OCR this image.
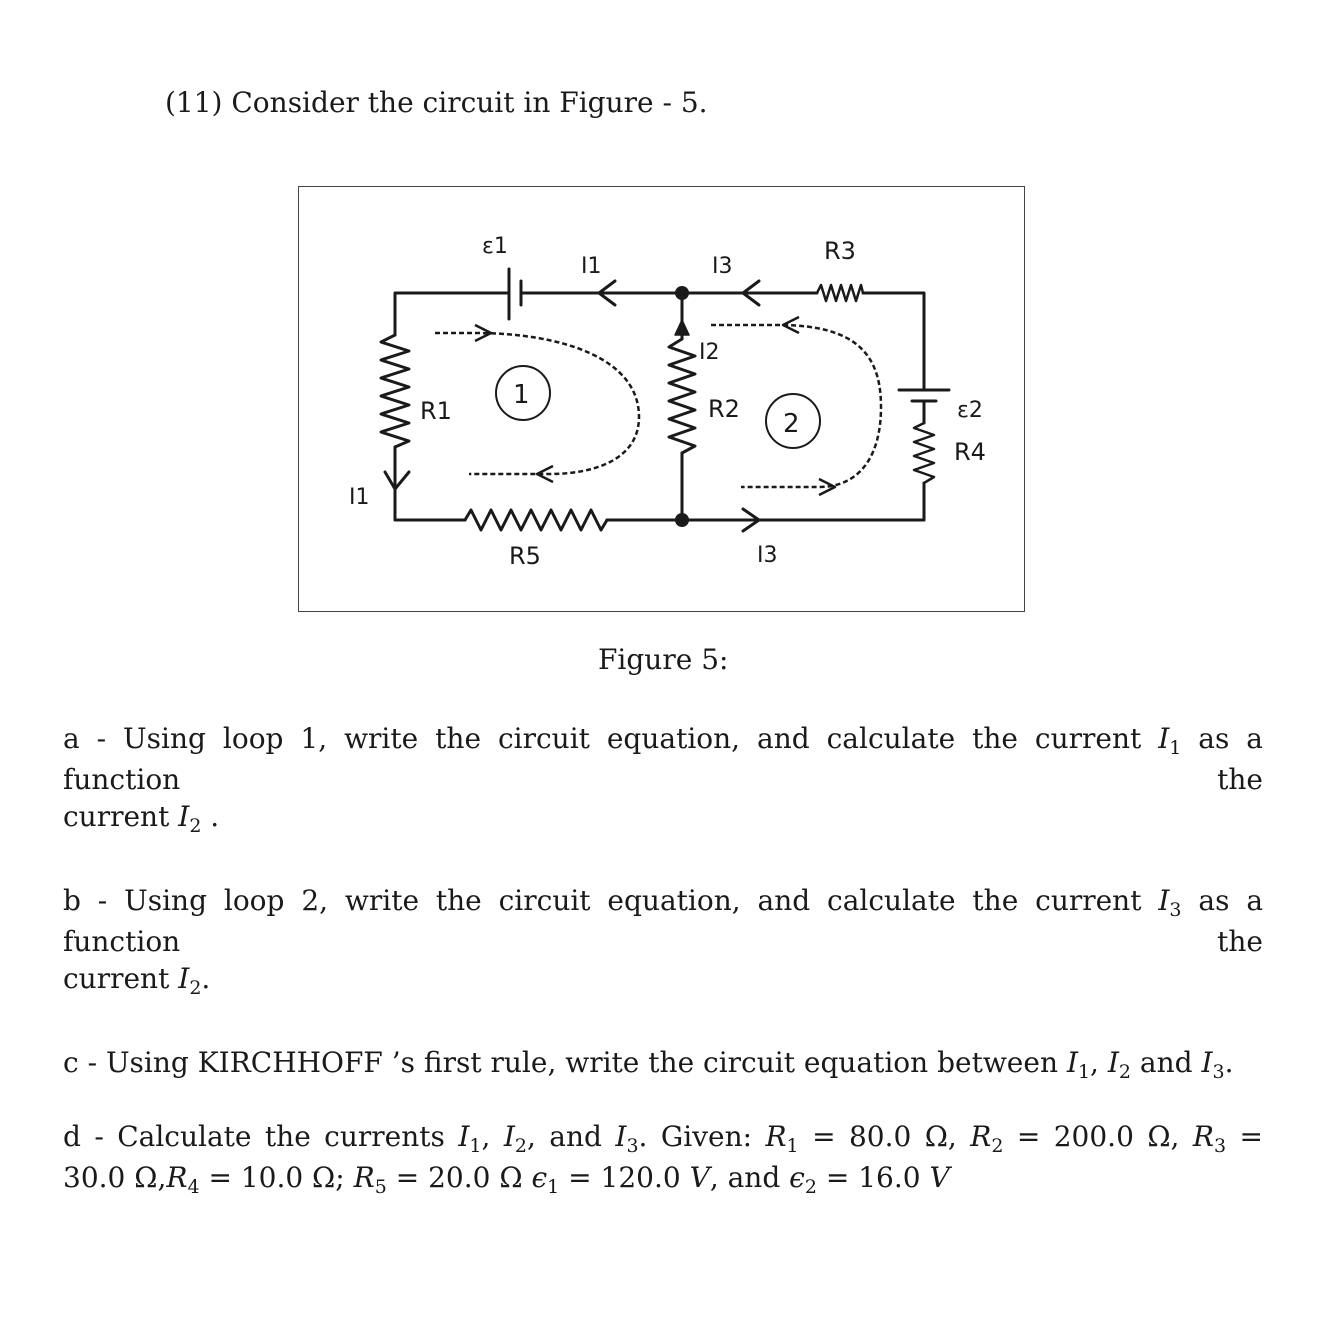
(11) Consider the circuit in Figure - 5.
ε1
I1	I3
R3
I2
R1	R2
1
2	ε2
R4
I1
R5	I3
Figure 5:
a - Using loop 1, write the circuit equation, and calculate the current $I_1$ as a function the
current $I_2$ .
b - Using loop 2, write the circuit equation, and calculate the current $I_3$ as a function the
current $I_2$.
c - Using KIRCHHOFF ’s first rule, write the circuit equation between $I_1$, $I_2$ and $I_3$.
d - Calculate the currents $I_1$, $I_2$, and $I_3$. Given: $R_1 = 80.0$ Ω, $R_2 = 200.0$ Ω, $R_3$ =
30.0 $\Omega,R_4 = 10.0$ Ω; $R_5 = 20.0$ Ω $\epsilon_1 = 120.0$ V, and $\epsilon_2 = 16.0$ V
